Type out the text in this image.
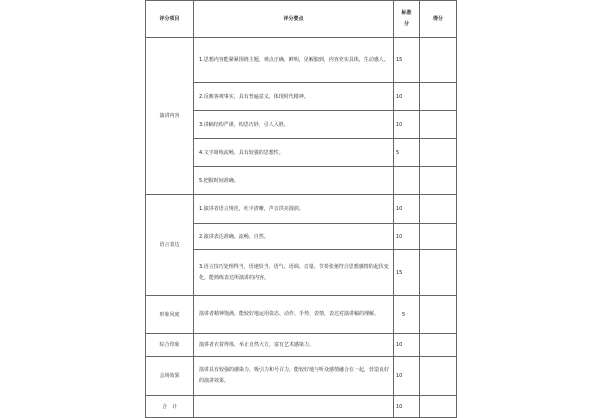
评分项目	评分要点	标准分	得分
演讲内容	1.思想内容能紧紧围绕主题，观点正确、鲜明，见解独到，内容充实具体，生动感人。	15	
	2.反映客观事实，具有普遍意义，体现时代精神。	10	
	3.讲稿结构严谨，构思巧妙，引人入胜。	10	
	4.文字简练流畅，具有较强的思想性。	5	
	5.把握时间准确。		
语言表达	1.演讲者语言规范，吐字清晰，声音洪亮圆润。	10	
	2.演讲表达准确、流畅、自然。	10	
	3.语言技巧处理得当，语速恰当，语气、语调、音量、节奏张弛符合思想感情的起伏变化，能熟练表达所演讲的内容。	15	
形象风度	演讲者精神饱满，能较好地运用姿态、动作、手势、表情，表达对演讲稿的理解。	5	
综合印象	演讲者衣着得体，举止自然大方，富有艺术感染力。	10	
会场效果	演讲具有较强的感染力、吸引力和号召力，能较好地与听众感情融合在一起，营造良好的演讲效果。	10	
合　计		10	
